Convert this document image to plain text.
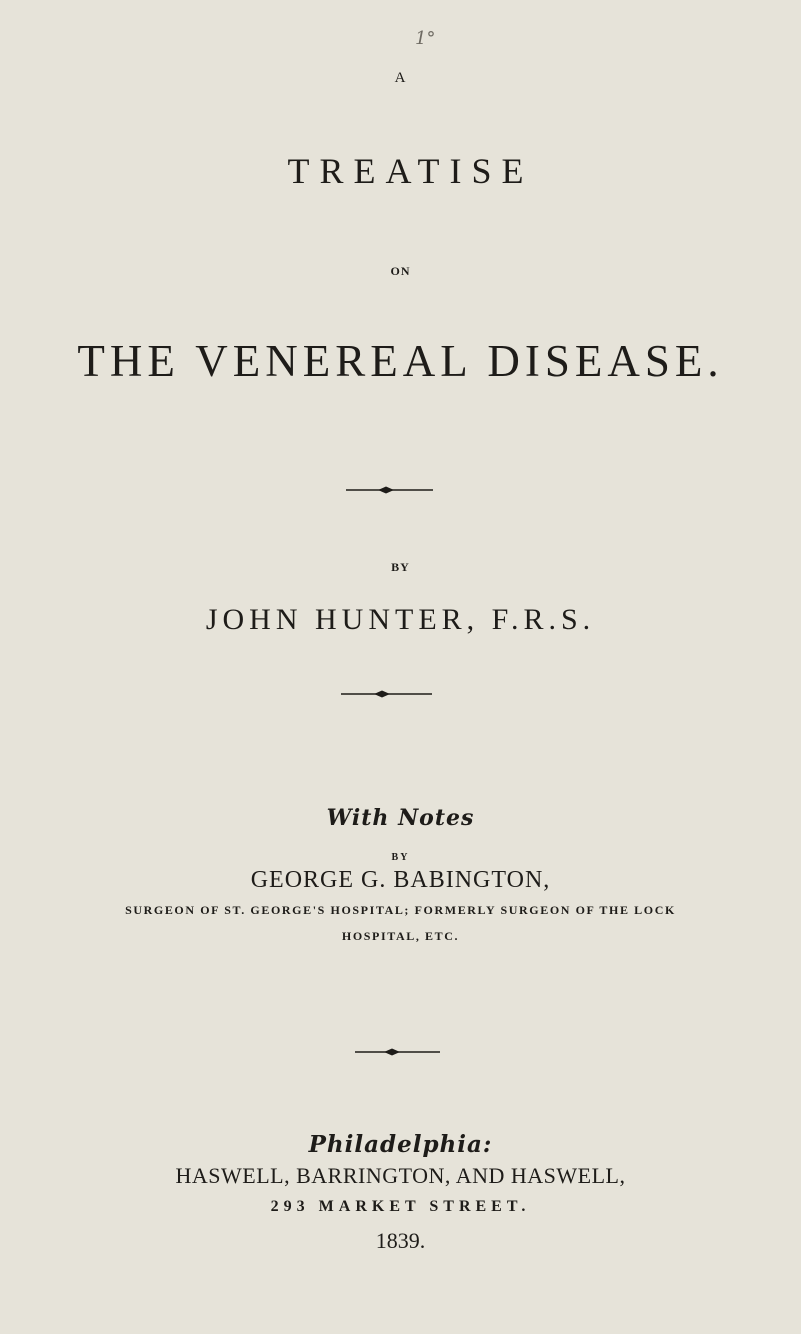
1°
A
TREATISE
ON
THE VENEREAL DISEASE.
BY
JOHN HUNTER, F.R.S.
With Notes
BY
GEORGE G. BABINGTON,
SURGEON OF ST. GEORGE'S HOSPITAL; FORMERLY SURGEON OF THE LOCK
HOSPITAL, ETC.
Philadelphia:
HASWELL, BARRINGTON, AND HASWELL,
293 MARKET STREET.
1839.
